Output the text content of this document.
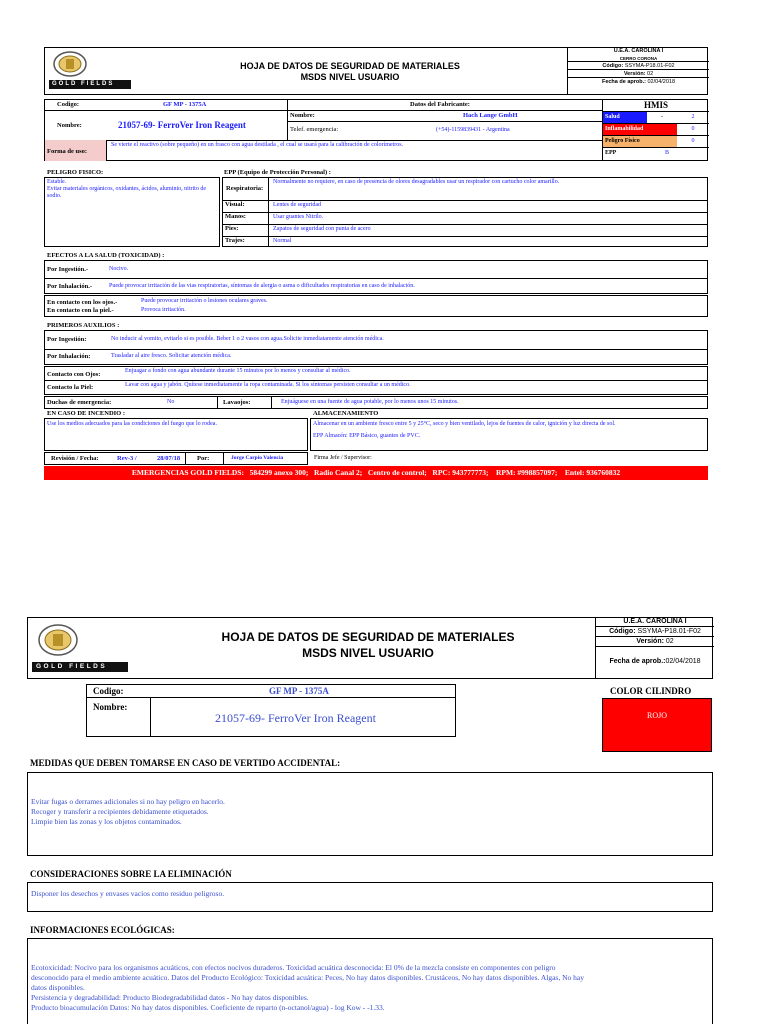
GOLD FIELDS
HOJA DE DATOS DE SEGURIDAD DE MATERIALES
MSDS NIVEL USUARIO
U.E.A. CAROLINA I
CERRO CORONA
Código: SSYMA-P18.01-F02
Versión: 02
Fecha de aprob.: 02/04/2018
Codigo:	GF MP - 1375A
Nombre:	21057-69- FerroVer Iron Reagent
Datos del Fabricante:
Nombre:	Hach Lange GmbH
Telef. emergencia:	(+54)-1159839431 - Argentina
Forma de uso:
Se vierte el reactivo (sobre pequeño) en un frasco con agua destilada , el cual se usará para la calibración de colorímetros.
HMIS
Salud	-	2
Inflamabilidad	0
Peligro Físico	0
EPP	B
PELIGRO FISICO:
Estable.
Evitar materiales orgánicos, oxidantes, ácidos, aluminio, nitrito de sodio.
EPP (Equipo de Protección Personal) :
Respiratoria:
Normalmente no requiere, en caso de presencia de olores desagradables usar un respirador con cartucho color amarillo.
Visual:	Lentes de seguridad
Manos:	Usar guantes Nitrilo.
Pies:	Zapatos de seguridad con punta de acero
Trajes:	Normal
EFECTOS A LA SALUD (TOXICIDAD) :
Por Ingestión.-	Nocivo.
Por Inhalación.-	Puede provocar irritación de las vias respiratorias, síntomas de alergia o asma o dificultades respiratorias en caso de inhalación.
En contacto con los ojos.-	Puede provocar irritación o lesiones oculares graves.
En contacto con la piel.-	Provoca irritación.
PRIMEROS AUXILIOS :
Por Ingestión:	No inducir al vomito, evitarlo si es posible. Beber 1 o 2 vasos con agua.Solicite inmediatamente atención médica.
Por Inhalación:	Trasladar al aire fresco. Solicitar atención médica.
Contacto con Ojos:	Enjuagar a fondo con agua abundante durante 15 minutos por lo menos y consultar al médico.
Contacto la Piel:	Lavar con agua y jabón. Quítese inmediatamente la ropa contaminada. Si los síntomas persisten consultar a un médico.
Duchas de emergencia:	No	Lavaojos:	Enjuáguese en una fuente de agua potable, por lo menos unos 15 minutos.
EN CASO DE INCENDIO :
Use los medios adecuados para las condiciones del fuego que lo rodea.
ALMACENAMIENTO
Almacenar en un ambiente fresco entre 5 y 25°C, seco y bien ventilado, lejos de fuentes de calor, ignición y luz directa de sol.
EPP Almacén: EPP Básico, guantes de PVC.
Revisión / Fecha:	Rev-3 /	28/07/18	Por:	Jorge Carpio Valencia	Firma Jefe / Supervisor:
EMERGENCIAS GOLD FIELDS:   584299 anexo 300;   Radio Canal 2;   Centro de control;   RPC: 943777773;    RPM: #998857097;    Entel: 936760832
GOLD FIELDS
HOJA DE DATOS DE SEGURIDAD DE MATERIALES
MSDS NIVEL USUARIO
U.E.A. CAROLINA I
Código: SSYMA-P18.01-F02
Versión: 02
Fecha de aprob.:02/04/2018
Codigo:	GF MP - 1375A
Nombre:
21057-69- FerroVer Iron Reagent
COLOR CILINDRO
ROJO
MEDIDAS QUE DEBEN TOMARSE EN CASO DE VERTIDO ACCIDENTAL:
Evitar fugas o derrames adicionales si no hay peligro en hacerlo.
Recoger y transferir a recipientes debidamente etiquetados.
Limpie bien las zonas y los objetos contaminados.
CONSIDERACIONES SOBRE LA ELIMINACIÓN
Disponer los desechos y envases vacíos como residuo peligroso.
INFORMACIONES ECOLÓGICAS:
Ecotoxicidad: Nocivo para los organismos acuáticos, con efectos nocivos duraderos. Toxicidad acuática desconocida: El 0% de la mezcla consiste en componentes con peligro
desconocido para el medio ambiente acuático. Datos del Producto Ecológico: Toxicidad acuática: Peces, No hay datos disponibles. Crustáceos, No hay datos disponibles. Algas, No hay
datos disponibles.
Persistencia y degradabilidad: Producto Biodegradabilidad datos - No hay datos disponibles.
Producto bioacumulación Datos: No hay datos disponibles. Coeficiente de reparto (n-octanol/agua) - log Kow - -1.33.
